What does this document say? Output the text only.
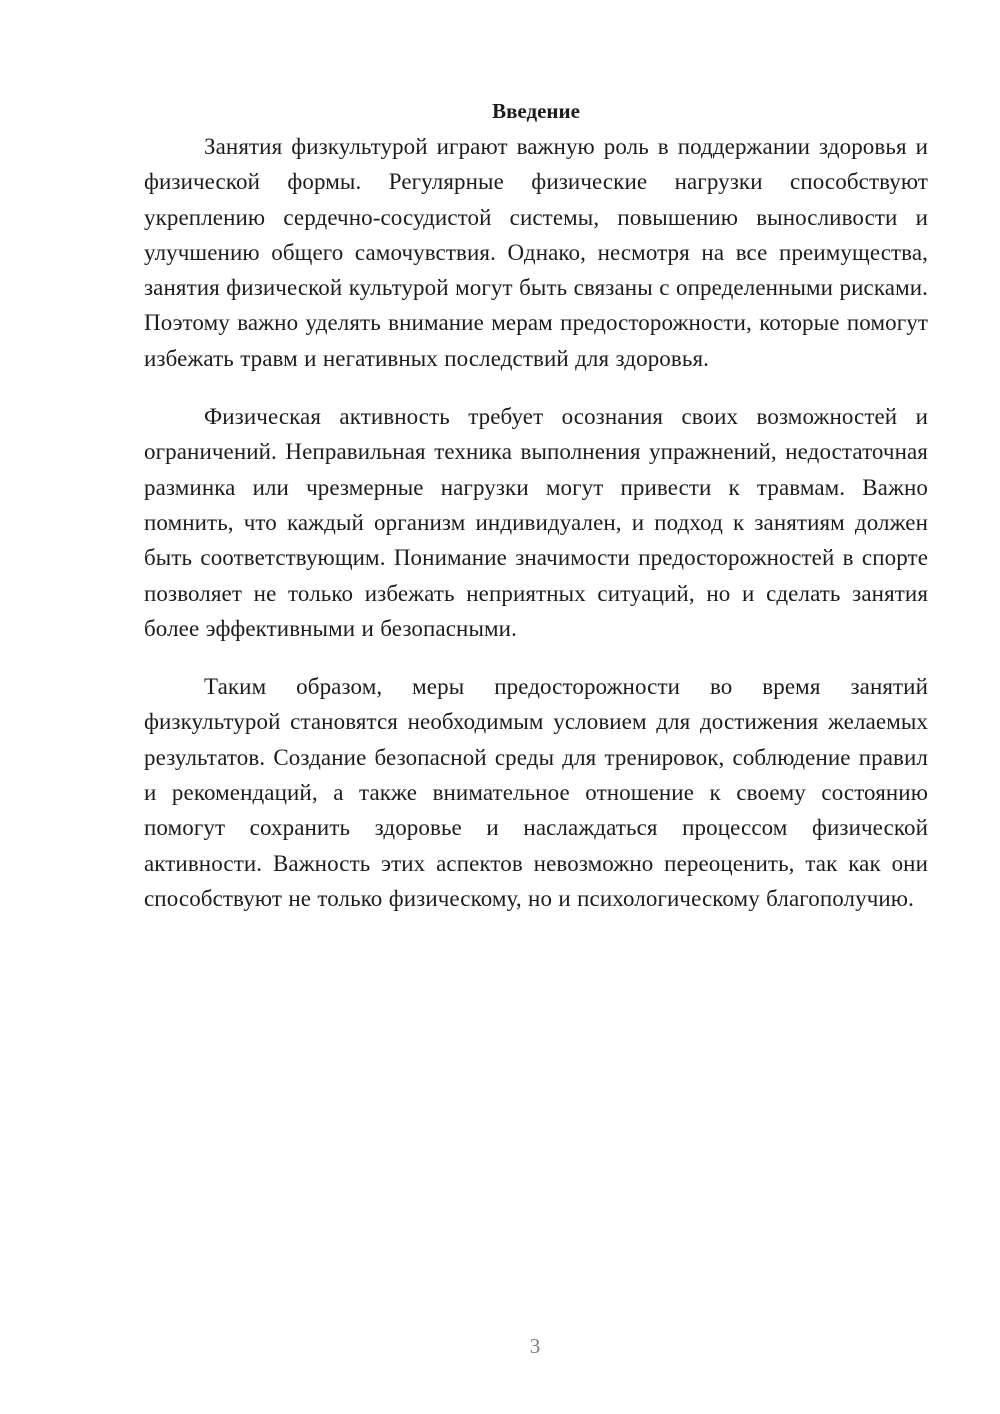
Введение

Занятия физкультурой играют важную роль в поддержании здоровья и физической формы. Регулярные физические нагрузки способствуют укреплению сердечно-сосудистой системы, повышению выносливости и улучшению общего самочувствия. Однако, несмотря на все преимущества, занятия физической культурой могут быть связаны с определенными рисками. Поэтому важно уделять внимание мерам предосторожности, которые помогут избежать травм и негативных последствий для здоровья.

Физическая активность требует осознания своих возможностей и ограничений. Неправильная техника выполнения упражнений, недостаточная разминка или чрезмерные нагрузки могут привести к травмам. Важно помнить, что каждый организм индивидуален, и подход к занятиям должен быть соответствующим. Понимание значимости предосторожностей в спорте позволяет не только избежать неприятных ситуаций, но и сделать занятия более эффективными и безопасными.

Таким образом, меры предосторожности во время занятий физкультурой становятся необходимым условием для достижения желаемых результатов. Создание безопасной среды для тренировок, соблюдение правил и рекомендаций, а также внимательное отношение к своему состоянию помогут сохранить здоровье и наслаждаться процессом физической активности. Важность этих аспектов невозможно переоценить, так как они способствуют не только физическому, но и психологическому благополучию.

3
